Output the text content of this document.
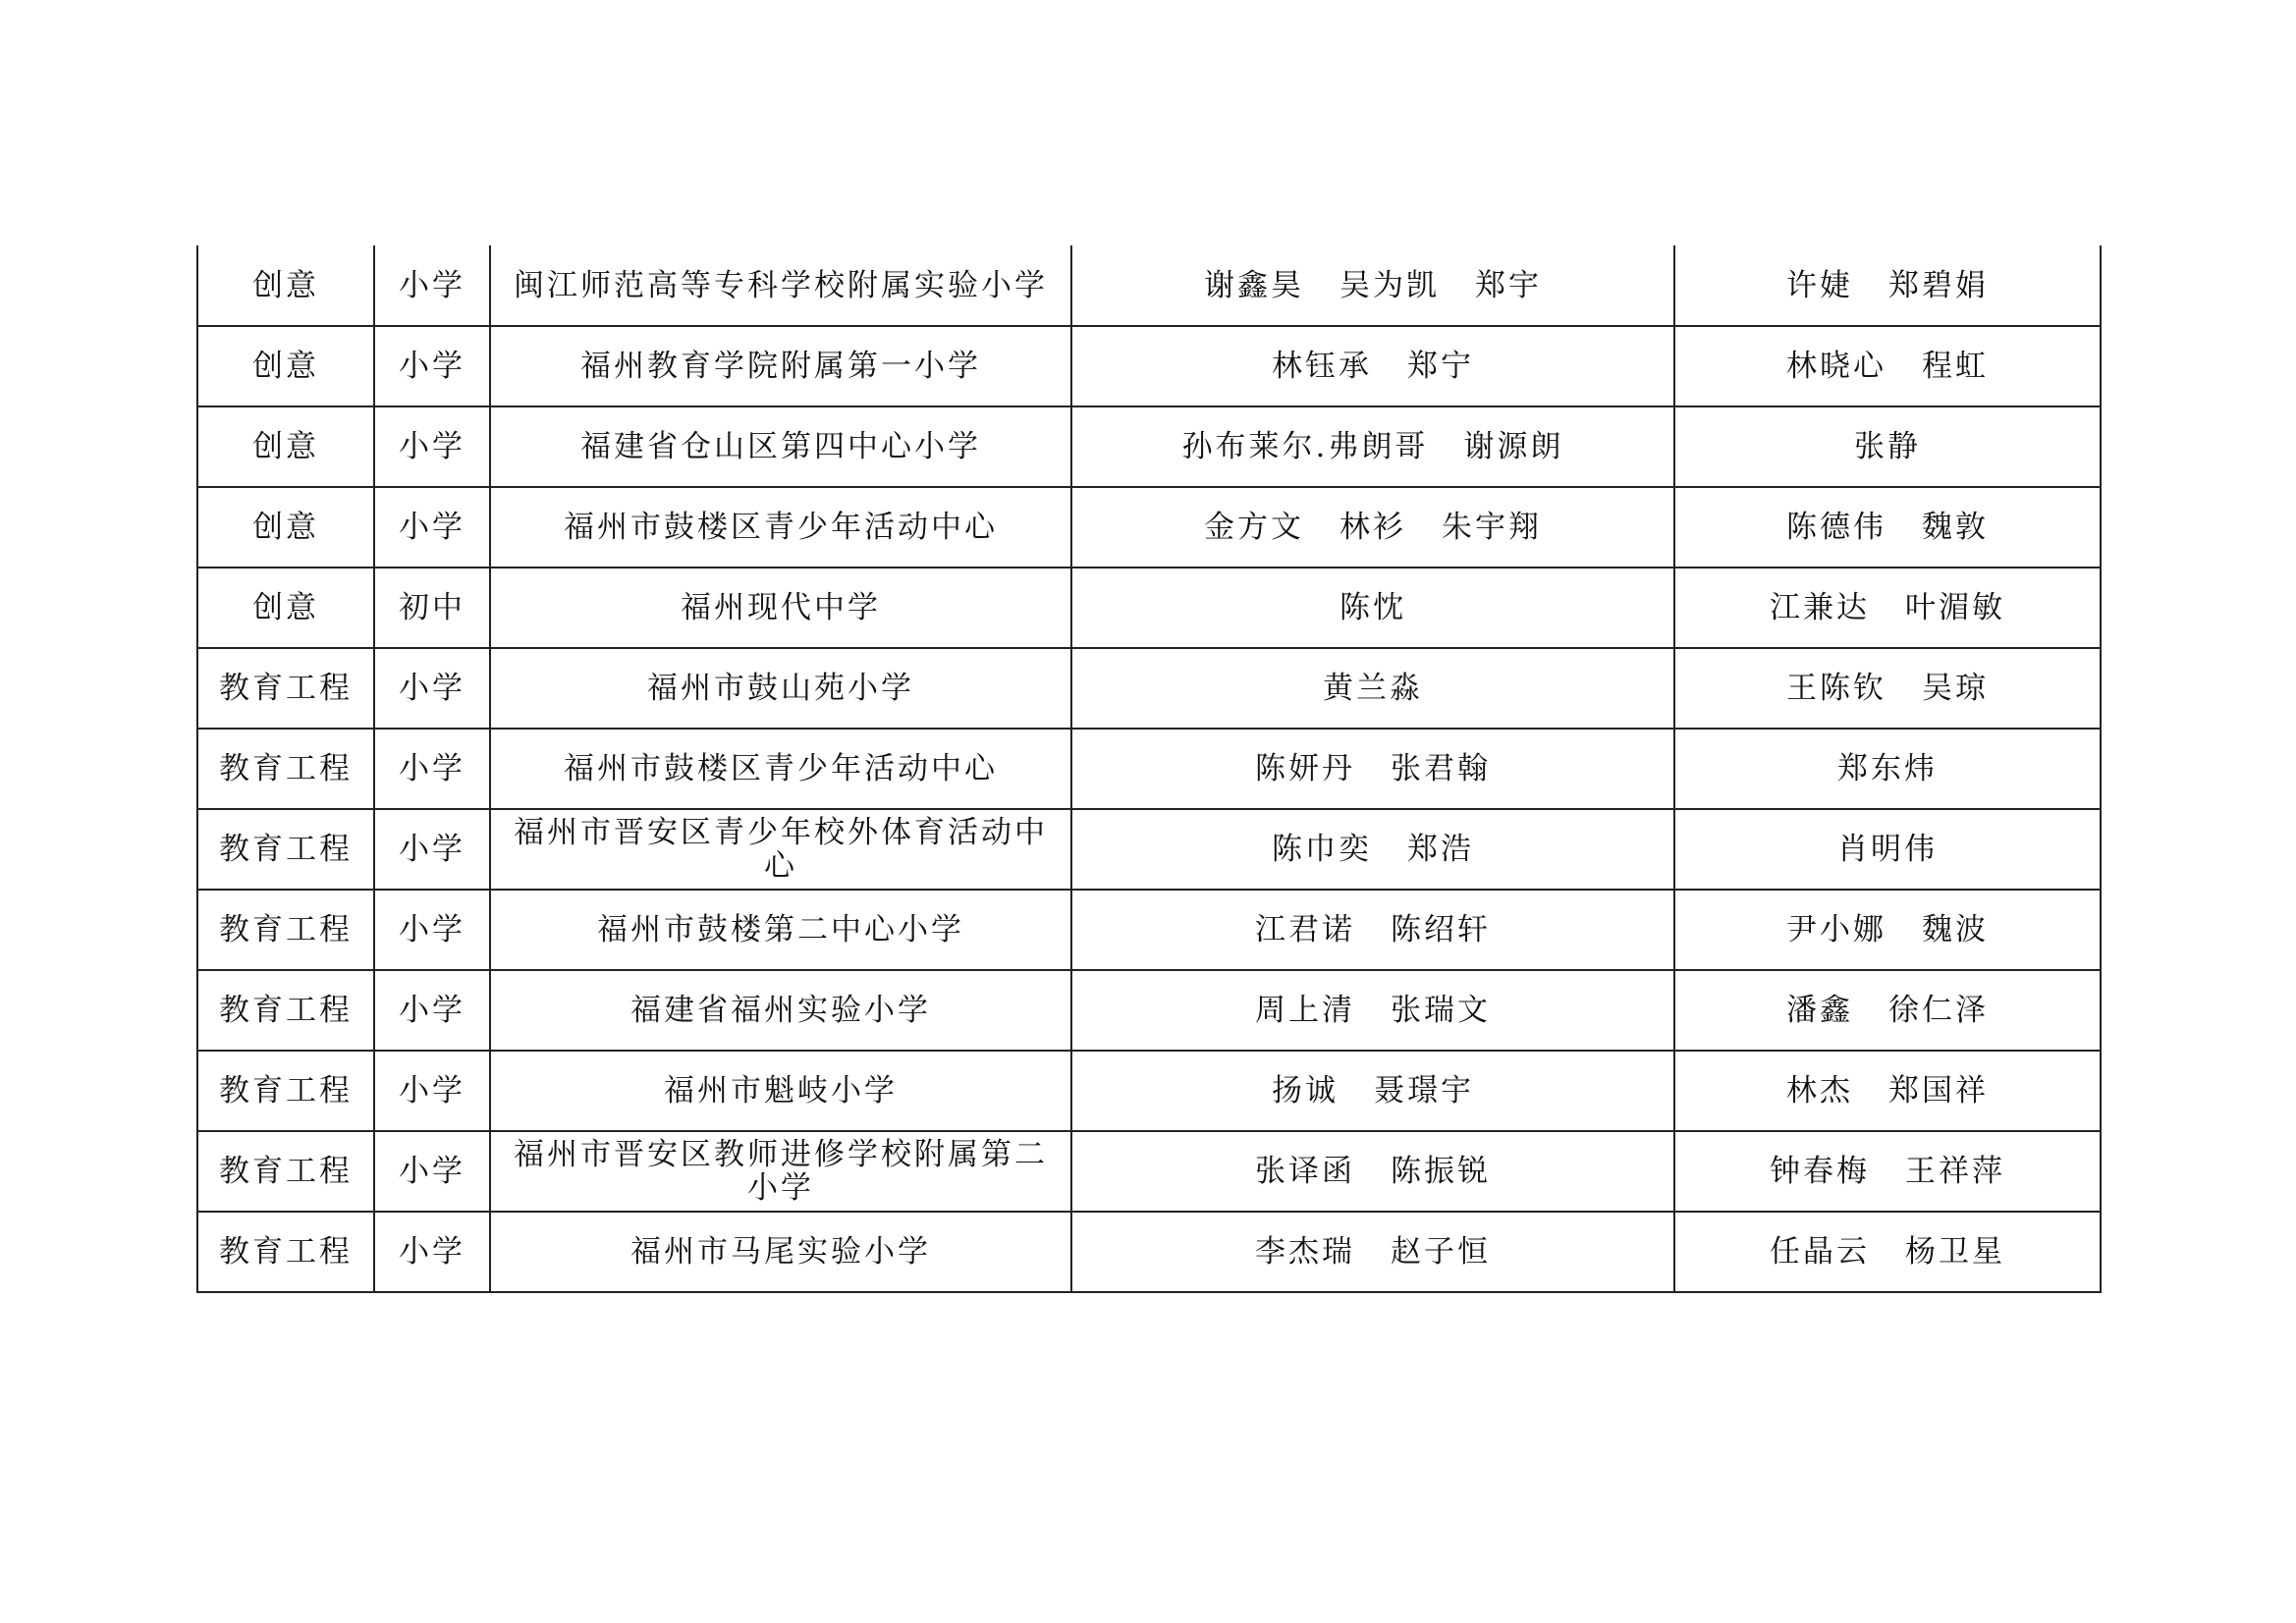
创意	小学	闽江师范高等专科学校附属实验小学	谢鑫昊 吴为凯 郑宇	许婕 郑碧娟
创意	小学	福州教育学院附属第一小学	林钰承 郑宁	林晓心 程虹
创意	小学	福建省仓山区第四中心小学	孙布莱尔.弗朗哥 谢源朗	张静
创意	小学	福州市鼓楼区青少年活动中心	金方文 林衫 朱宇翔	陈德伟 魏敦
创意	初中	福州现代中学	陈忱	江兼达 叶湄敏
教育工程	小学	福州市鼓山苑小学	黄兰淼	王陈钦 吴琼
教育工程	小学	福州市鼓楼区青少年活动中心	陈妍丹 张君翰	郑东炜
教育工程	小学	福州市晋安区青少年校外体育活动中心	陈巾奕 郑浩	肖明伟
教育工程	小学	福州市鼓楼第二中心小学	江君诺 陈绍轩	尹小娜 魏波
教育工程	小学	福建省福州实验小学	周上清 张瑞文	潘鑫 徐仁泽
教育工程	小学	福州市魁岐小学	扬诚 聂璟宇	林杰 郑国祥
教育工程	小学	福州市晋安区教师进修学校附属第二小学	张译函 陈振锐	钟春梅 王祥萍
教育工程	小学	福州市马尾实验小学	李杰瑞 赵子恒	任晶云 杨卫星
